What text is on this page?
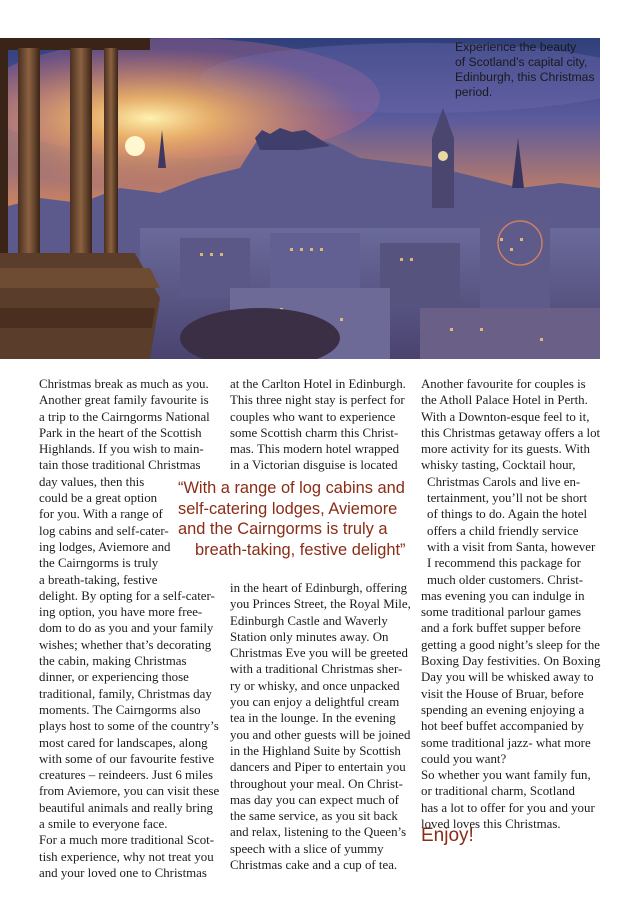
Experience the beauty
of Scotland’s capital city,
Edinburgh, this Christmas
period.

Christmas break as much as you.

Another great family favourite is

a trip to the Cairngorms National

Park in the heart of the Scottish

Highlands. If you wish to main-

tain those traditional Christmas

day values, then this

could be a great option

for you. With a range of

log cabins and self-cater-

ing lodges, Aviemore and

the Cairngorms is truly

a breath-taking, festive

delight. By opting for a self-cater-

ing option, you have more free-

dom to do as you and your family

wishes; whether that’s decorating

the cabin, making Christmas

dinner, or experiencing those

traditional, family, Christmas day

moments. The Cairngorms also

plays host to some of the country’s

most cared for landscapes, along

with some of our favourite festive

creatures – reindeers. Just 6 miles

from Aviemore, you can visit these

beautiful animals and really bring

a smile to everyone face.

For a much more traditional Scot-

tish experience, why not treat you

and your loved one to Christmas

at the Carlton Hotel in Edinburgh.

This three night stay is perfect for

couples who want to experience

some Scottish charm this Christ-

mas. This modern hotel wrapped

in a Victorian disguise is located

in the heart of Edinburgh, offering

you Princes Street, the Royal Mile,

Edinburgh Castle and Waverly

Station only minutes away. On

Christmas Eve you will be greeted

with a traditional Christmas sher-

ry or whisky, and once unpacked

you can enjoy a delightful cream

tea in the lounge. In the evening

you and other guests will be joined

in the Highland Suite by Scottish

dancers and Piper to entertain you

throughout your meal. On Christ-

mas day you can expect much of

the same service, as you sit back

and relax, listening to the Queen’s

speech with a slice of yummy

Christmas cake and a cup of tea.

Another favourite for couples is

the Atholl Palace Hotel in Perth.

With a Downton-esque feel to it,

this Christmas getaway offers a lot

more activity for its guests. With

whisky tasting, Cocktail hour,

Christmas Carols and live en-

tertainment, you’ll not be short

of things to do. Again the hotel

offers a child friendly service

with a visit from Santa, however

I recommend this package for

much older customers. Christ-

mas evening you can indulge in

some traditional parlour games

and a fork buffet supper before

getting a good night’s sleep for the

Boxing Day festivities. On Boxing

Day you will be whisked away to

visit the House of Bruar, before

spending an evening enjoying a

hot beef buffet accompanied by

some traditional jazz- what more

could you want?

So whether you want family fun,

or traditional charm, Scotland

has a lot to offer for you and your

loved loves this Christmas.

“With a range of log cabins and

self-catering lodges, Aviemore

and the Cairngorms is truly a

breath-taking, festive delight”

Enjoy!
